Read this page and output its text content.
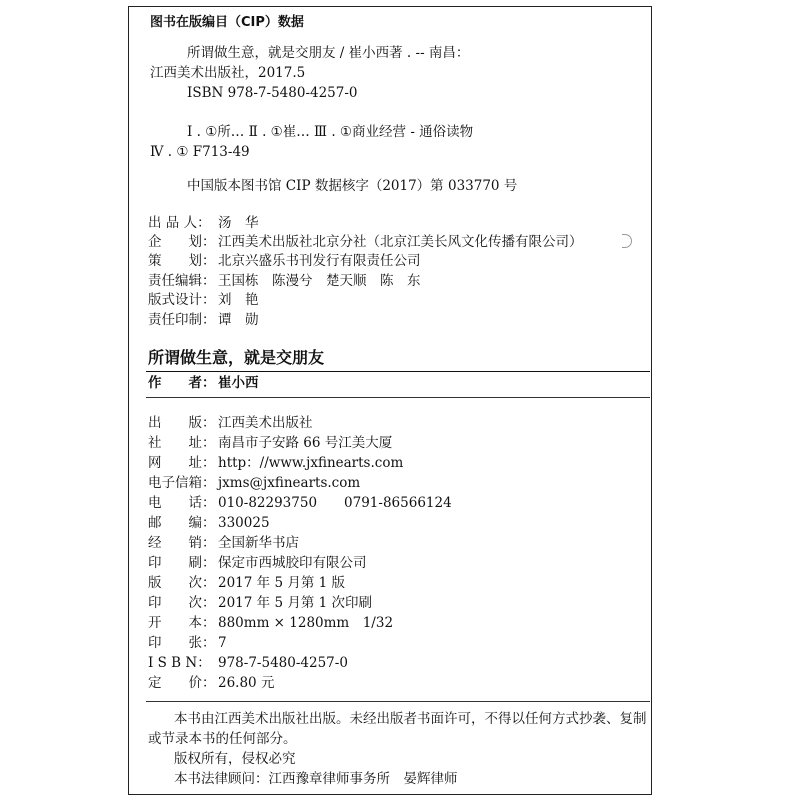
图书在版编目（CIP）数据
所谓做生意，就是交朋友 / 崔小西著 . -- 南昌：
江西美术出版社，2017.5
ISBN 978-7-5480-4257-0
Ⅰ . ①所… Ⅱ . ①崔… Ⅲ . ①商业经营 - 通俗读物
Ⅳ . ① F713-49
中国版本图书馆 CIP 数据核字（2017）第 033770 号
出 品 人： 汤　华
企　　划： 江西美术出版社北京分社（北京江美长风文化传播有限公司）
策　　划： 北京兴盛乐书刊发行有限责任公司
责任编辑： 王国栋　陈漫兮　楚天顺　陈　东
版式设计： 刘　艳
责任印制： 谭　勋
所谓做生意，就是交朋友
作　　者： 崔小西
出　　版： 江西美术出版社
社　　址： 南昌市子安路 66 号江美大厦
网　　址： http：//www.jxfinearts.com
电子信箱： jxms@jxfinearts.com
电　　话： 010-82293750　　0791-86566124
邮　　编： 330025
经　　销： 全国新华书店
印　　刷： 保定市西城胶印有限公司
版　　次： 2017 年 5 月第 1 版
印　　次： 2017 年 5 月第 1 次印刷
开　　本： 880mm × 1280mm　1/32
印　　张： 7
I S B N： 978-7-5480-4257-0
定　　价： 26.80 元
本书由江西美术出版社出版。未经出版者书面许可，不得以任何方式抄袭、复制
或节录本书的任何部分。
版权所有，侵权必究
本书法律顾问：江西豫章律师事务所　晏辉律师
